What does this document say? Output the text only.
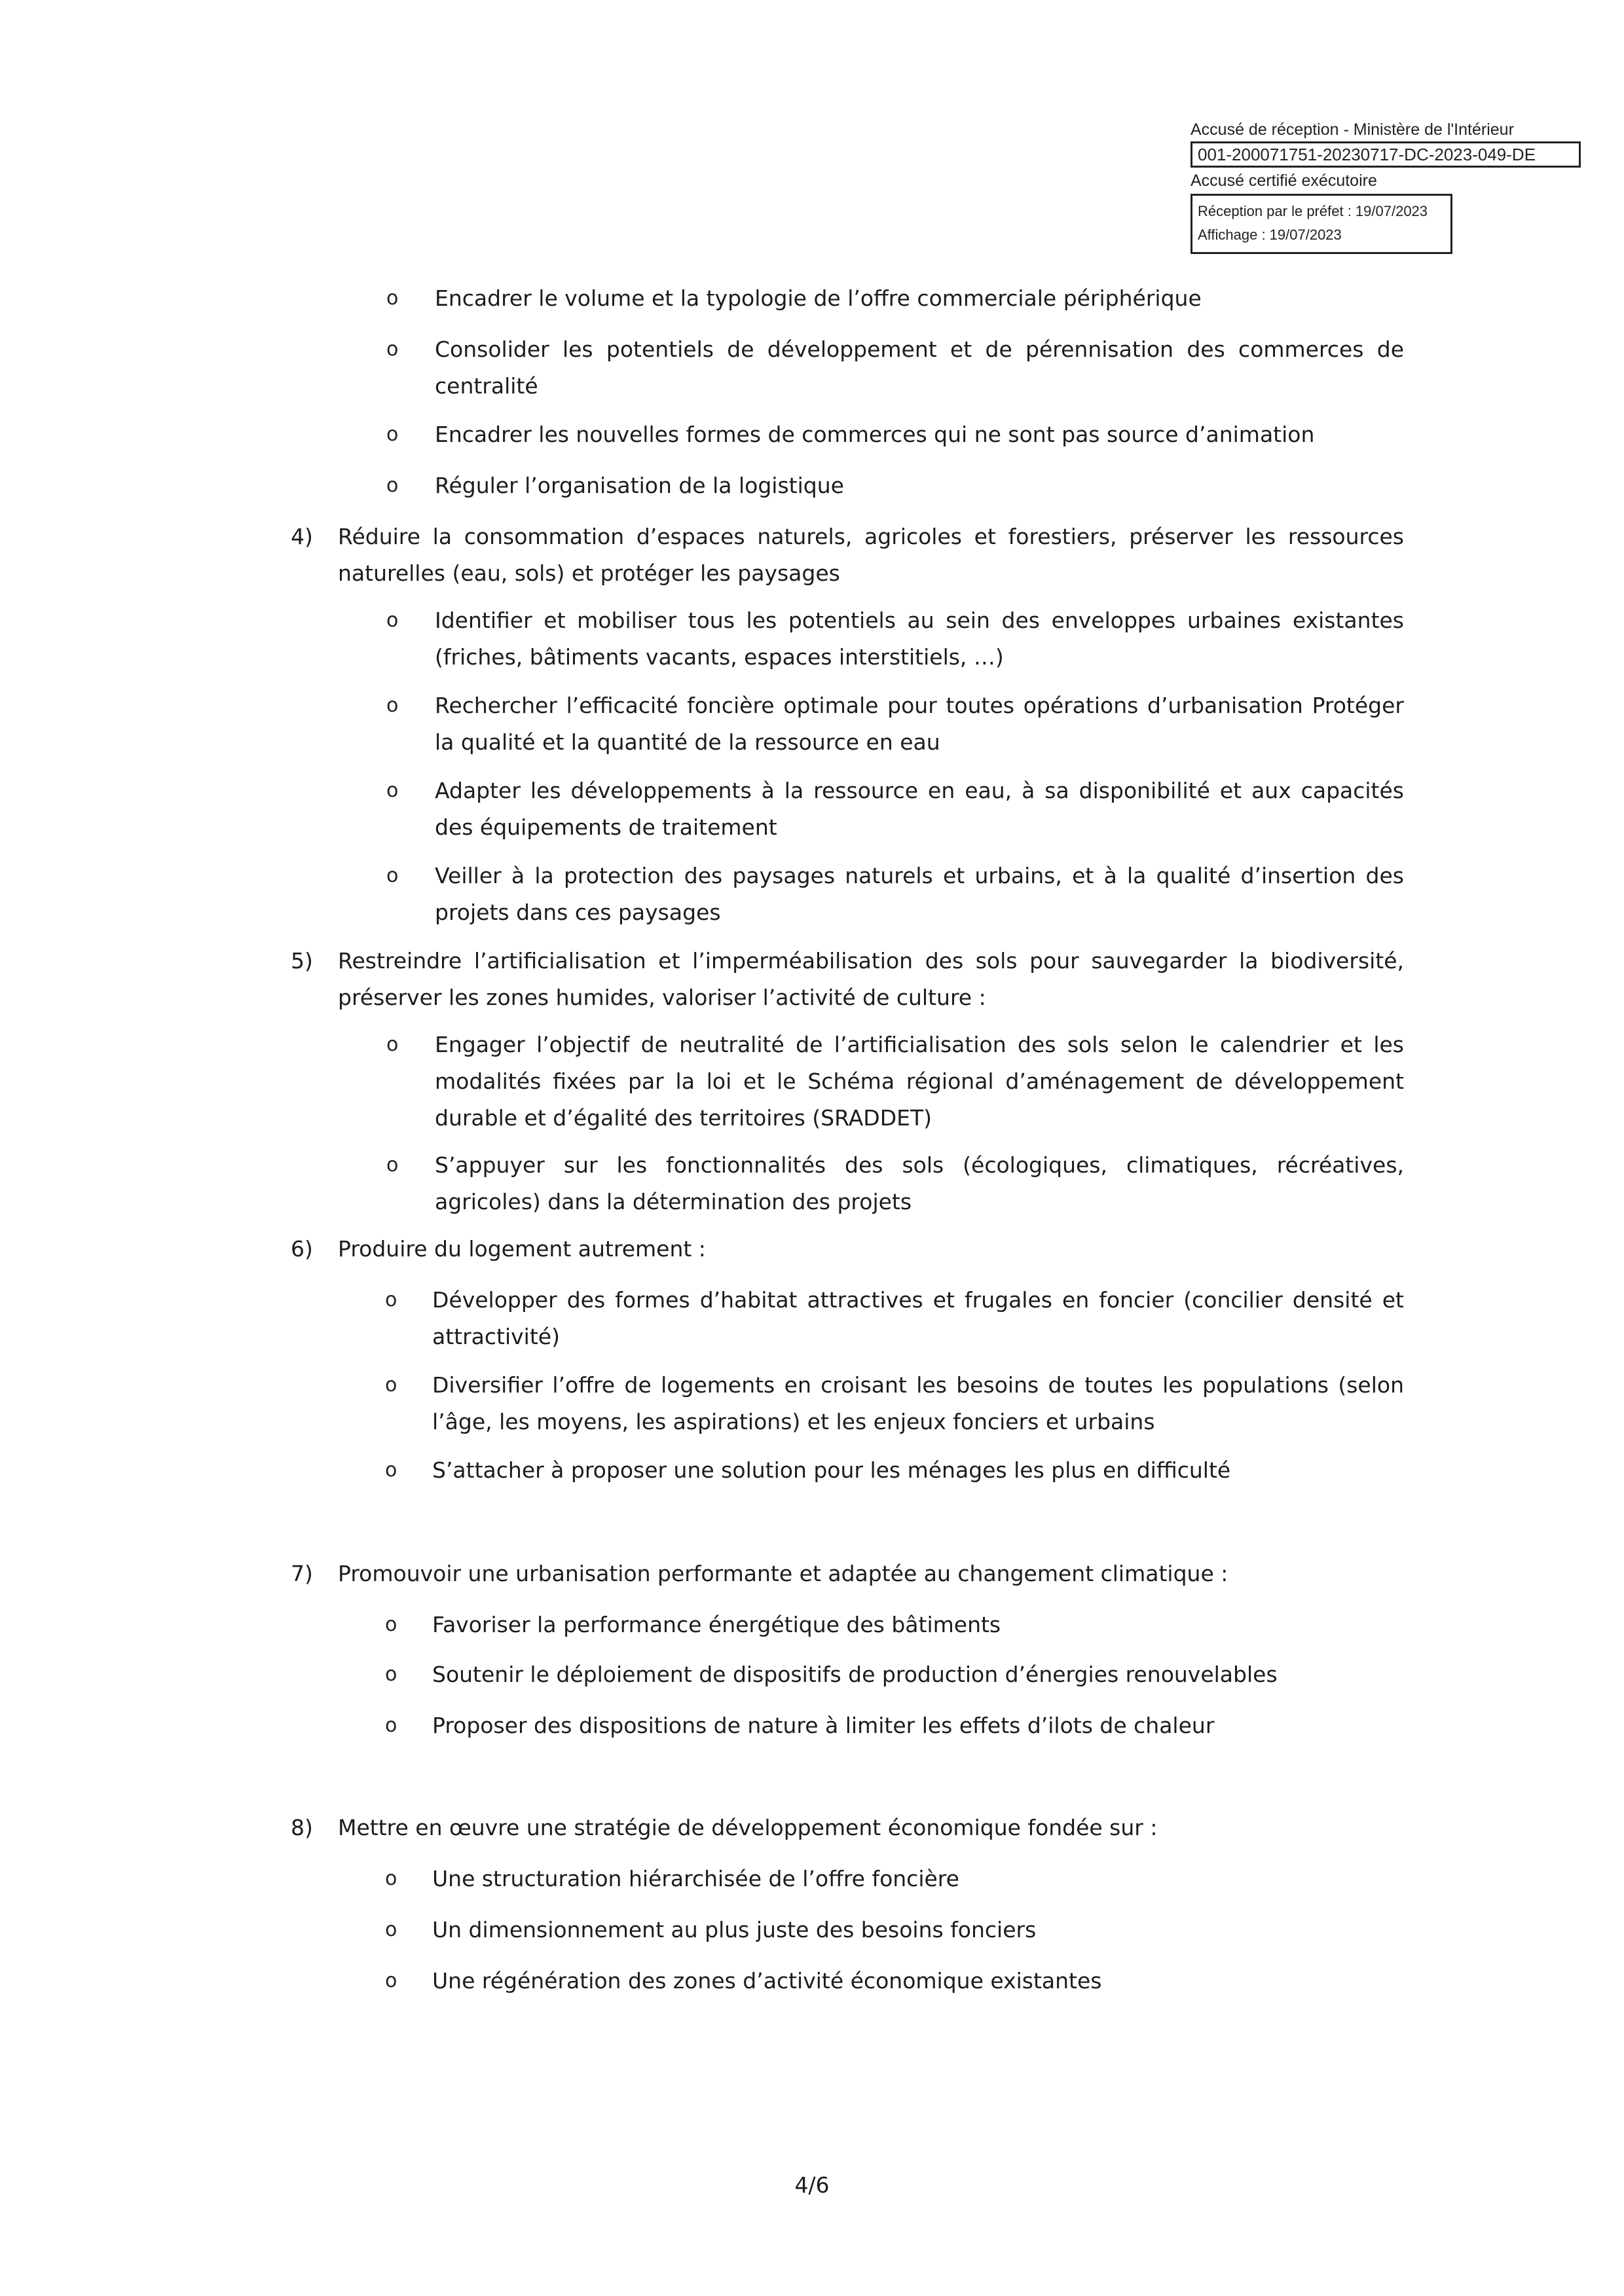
Accusé de réception - Ministère de l'Intérieur
001-200071751-20230717-DC-2023-049-DE
Accusé certifié exécutoire
Réception par le préfet : 19/07/2023
Affichage : 19/07/2023
o Encadrer le volume et la typologie de l’offre commerciale périphérique
o Consolider les potentiels de développement et de pérennisation des commerces de centralité
o Encadrer les nouvelles formes de commerces qui ne sont pas source d’animation
o Réguler l’organisation de la logistique
4) Réduire la consommation d’espaces naturels, agricoles et forestiers, préserver les ressources naturelles (eau, sols) et protéger les paysages
o Identifier et mobiliser tous les potentiels au sein des enveloppes urbaines existantes (friches, bâtiments vacants, espaces interstitiels, …)
o Rechercher l’efficacité foncière optimale pour toutes opérations d’urbanisation Protéger la qualité et la quantité de la ressource en eau
o Adapter les développements à la ressource en eau, à sa disponibilité et aux capacités des équipements de traitement
o Veiller à la protection des paysages naturels et urbains, et à la qualité d’insertion des projets dans ces paysages
5) Restreindre l’artificialisation et l’imperméabilisation des sols pour sauvegarder la biodiversité, préserver les zones humides, valoriser l’activité de culture :
o Engager l’objectif de neutralité de l’artificialisation des sols selon le calendrier et les modalités fixées par la loi et le Schéma régional d’aménagement de développement durable et d’égalité des territoires (SRADDET)
o S’appuyer sur les fonctionnalités des sols (écologiques, climatiques, récréatives, agricoles) dans la détermination des projets
6) Produire du logement autrement :
o Développer des formes d’habitat attractives et frugales en foncier (concilier densité et attractivité)
o Diversifier l’offre de logements en croisant les besoins de toutes les populations (selon l’âge, les moyens, les aspirations) et les enjeux fonciers et urbains
o S’attacher à proposer une solution pour les ménages les plus en difficulté
7) Promouvoir une urbanisation performante et adaptée au changement climatique :
o Favoriser la performance énergétique des bâtiments
o Soutenir le déploiement de dispositifs de production d’énergies renouvelables
o Proposer des dispositions de nature à limiter les effets d’ilots de chaleur
8) Mettre en œuvre une stratégie de développement économique fondée sur :
o Une structuration hiérarchisée de l’offre foncière
o Un dimensionnement au plus juste des besoins fonciers
o Une régénération des zones d’activité économique existantes
4/6
